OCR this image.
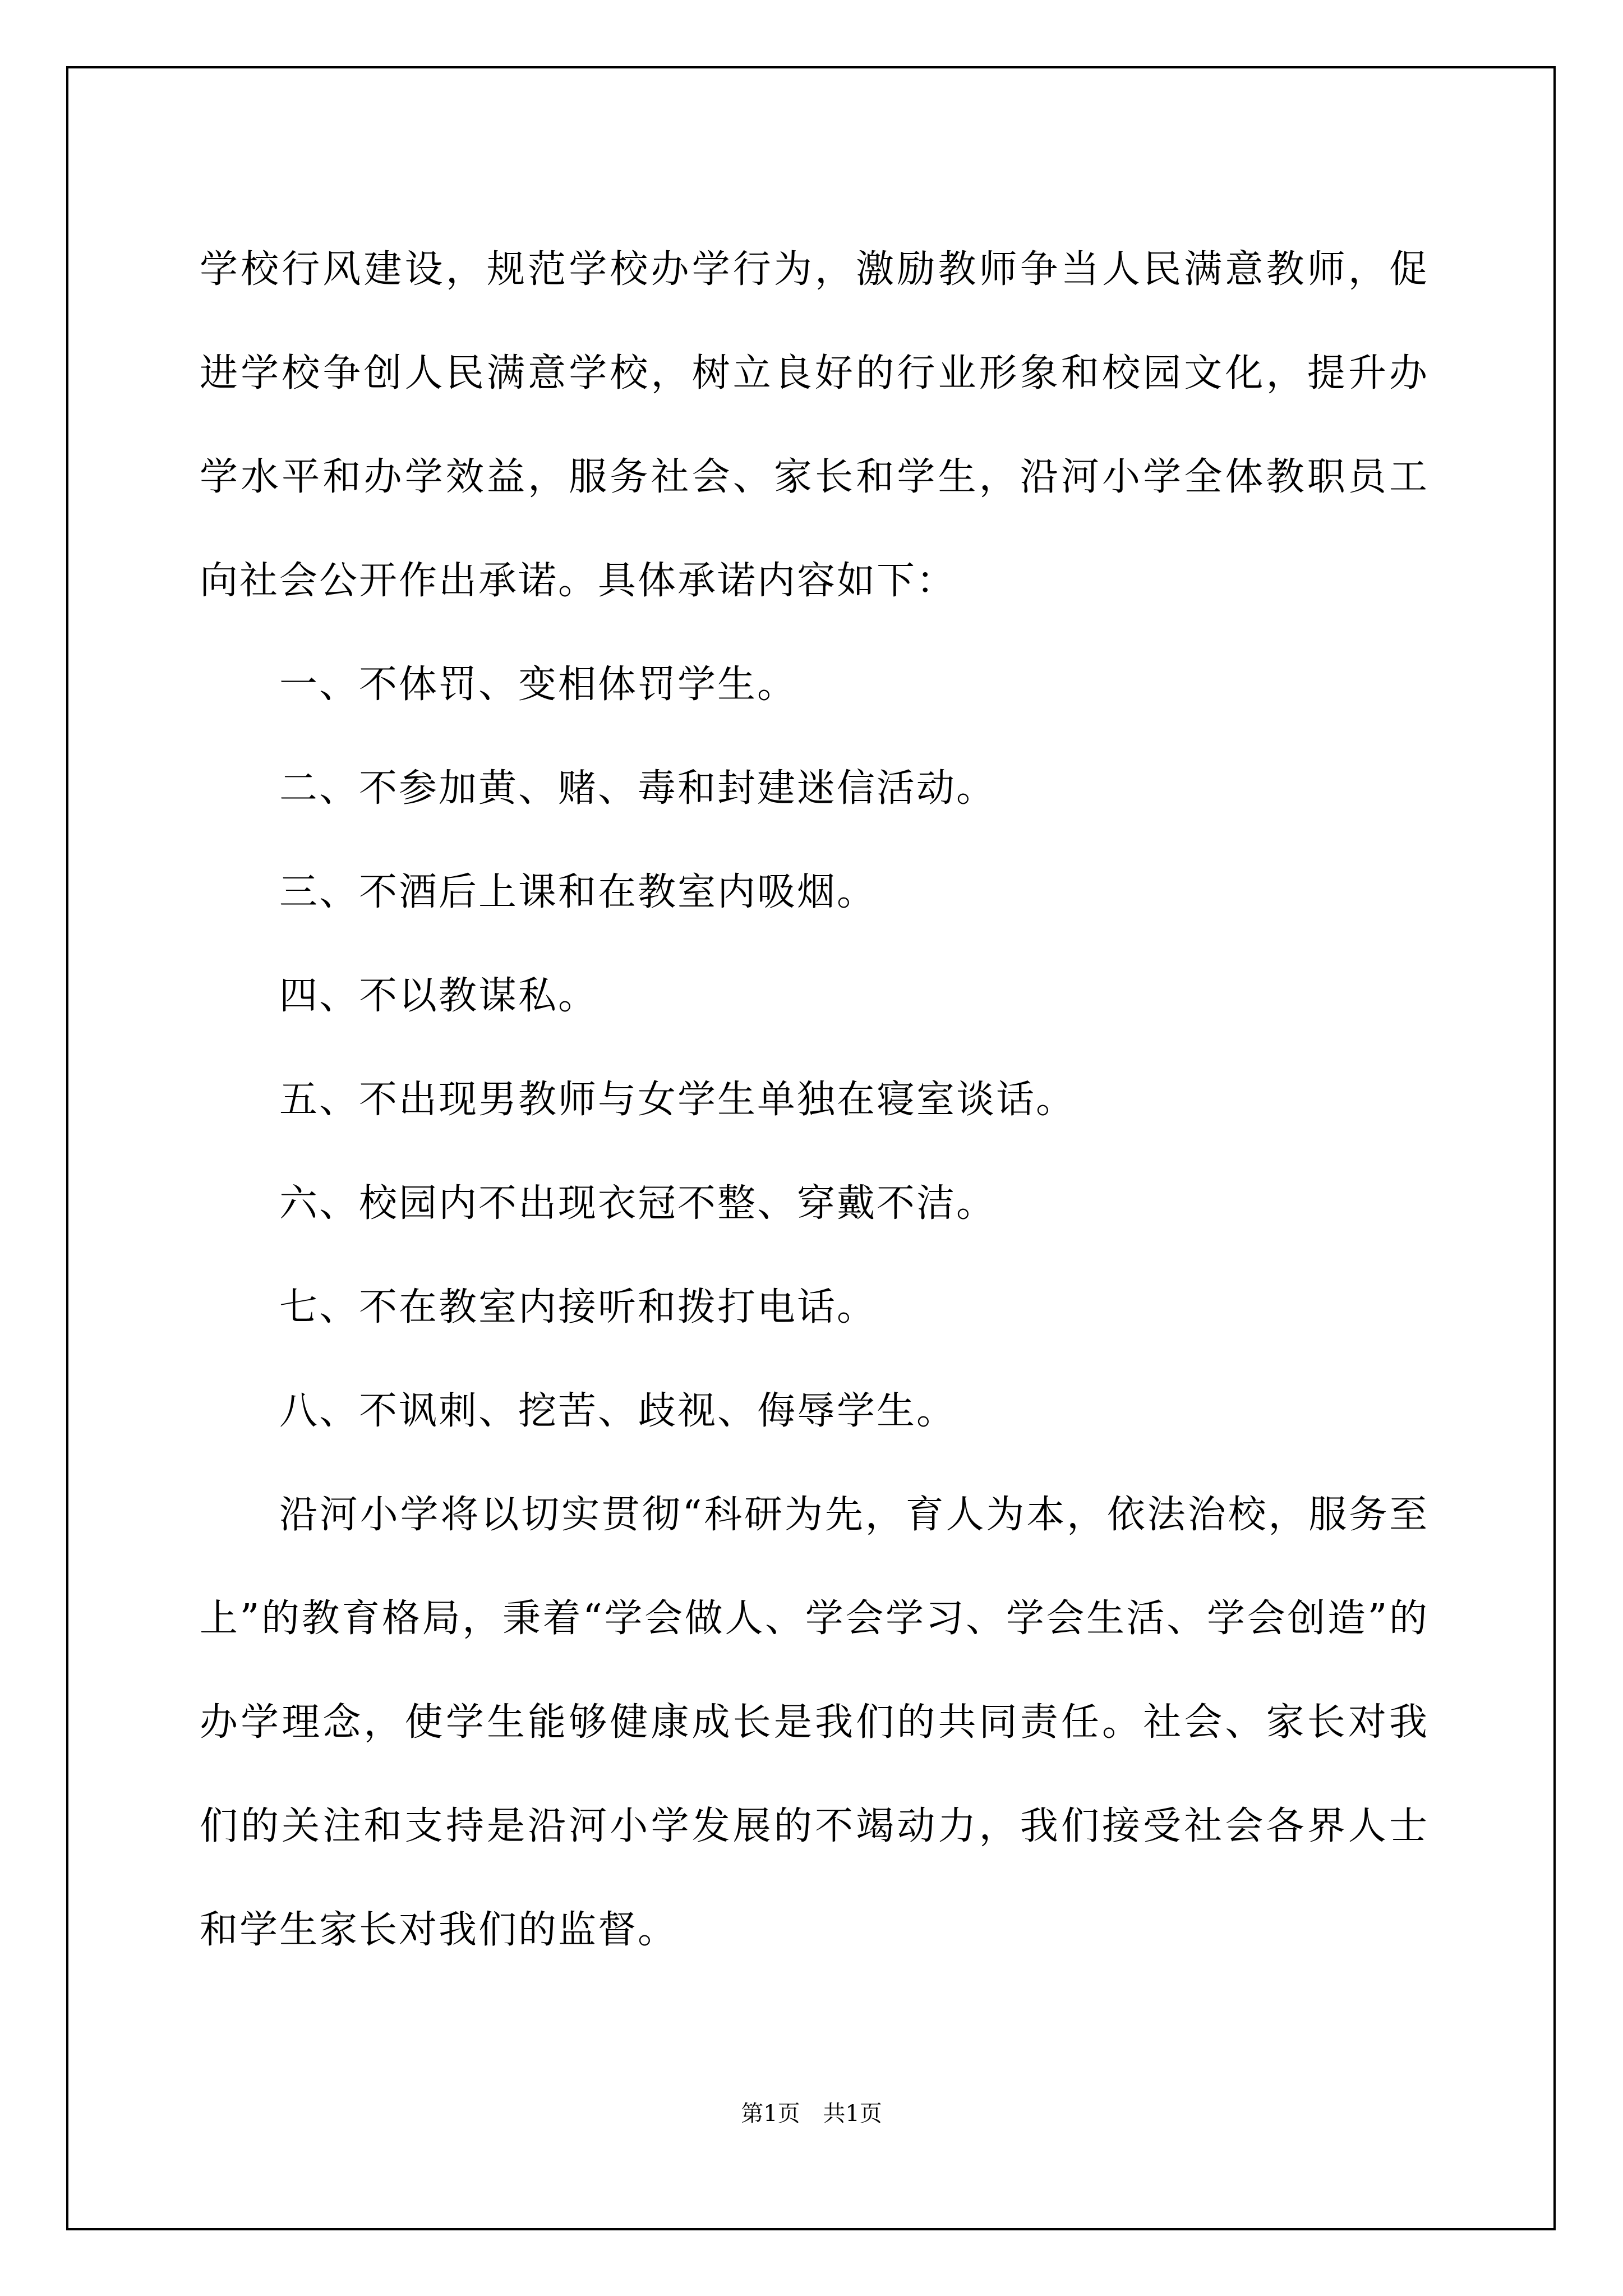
学校行风建设，规范学校办学行为，激励教师争当人民满意教师，促进学校争创人民满意学校，树立良好的行业形象和校园文化，提升办学水平和办学效益，服务社会、家长和学生，沿河小学全体教职员工向社会公开作出承诺。具体承诺内容如下：

一、不体罚、变相体罚学生。

二、不参加黄、赌、毒和封建迷信活动。

三、不酒后上课和在教室内吸烟。

四、不以教谋私。

五、不出现男教师与女学生单独在寝室谈话。

六、校园内不出现衣冠不整、穿戴不洁。

七、不在教室内接听和拨打电话。

八、不讽刺、挖苦、歧视、侮辱学生。

沿河小学将以切实贯彻“科研为先，育人为本，依法治校，服务至上”的教育格局，秉着“学会做人、学会学习、学会生活、学会创造”的办学理念，使学生能够健康成长是我们的共同责任。社会、家长对我们的关注和支持是沿河小学发展的不竭动力，我们接受社会各界人士和学生家长对我们的监督。

第1页 共1页
